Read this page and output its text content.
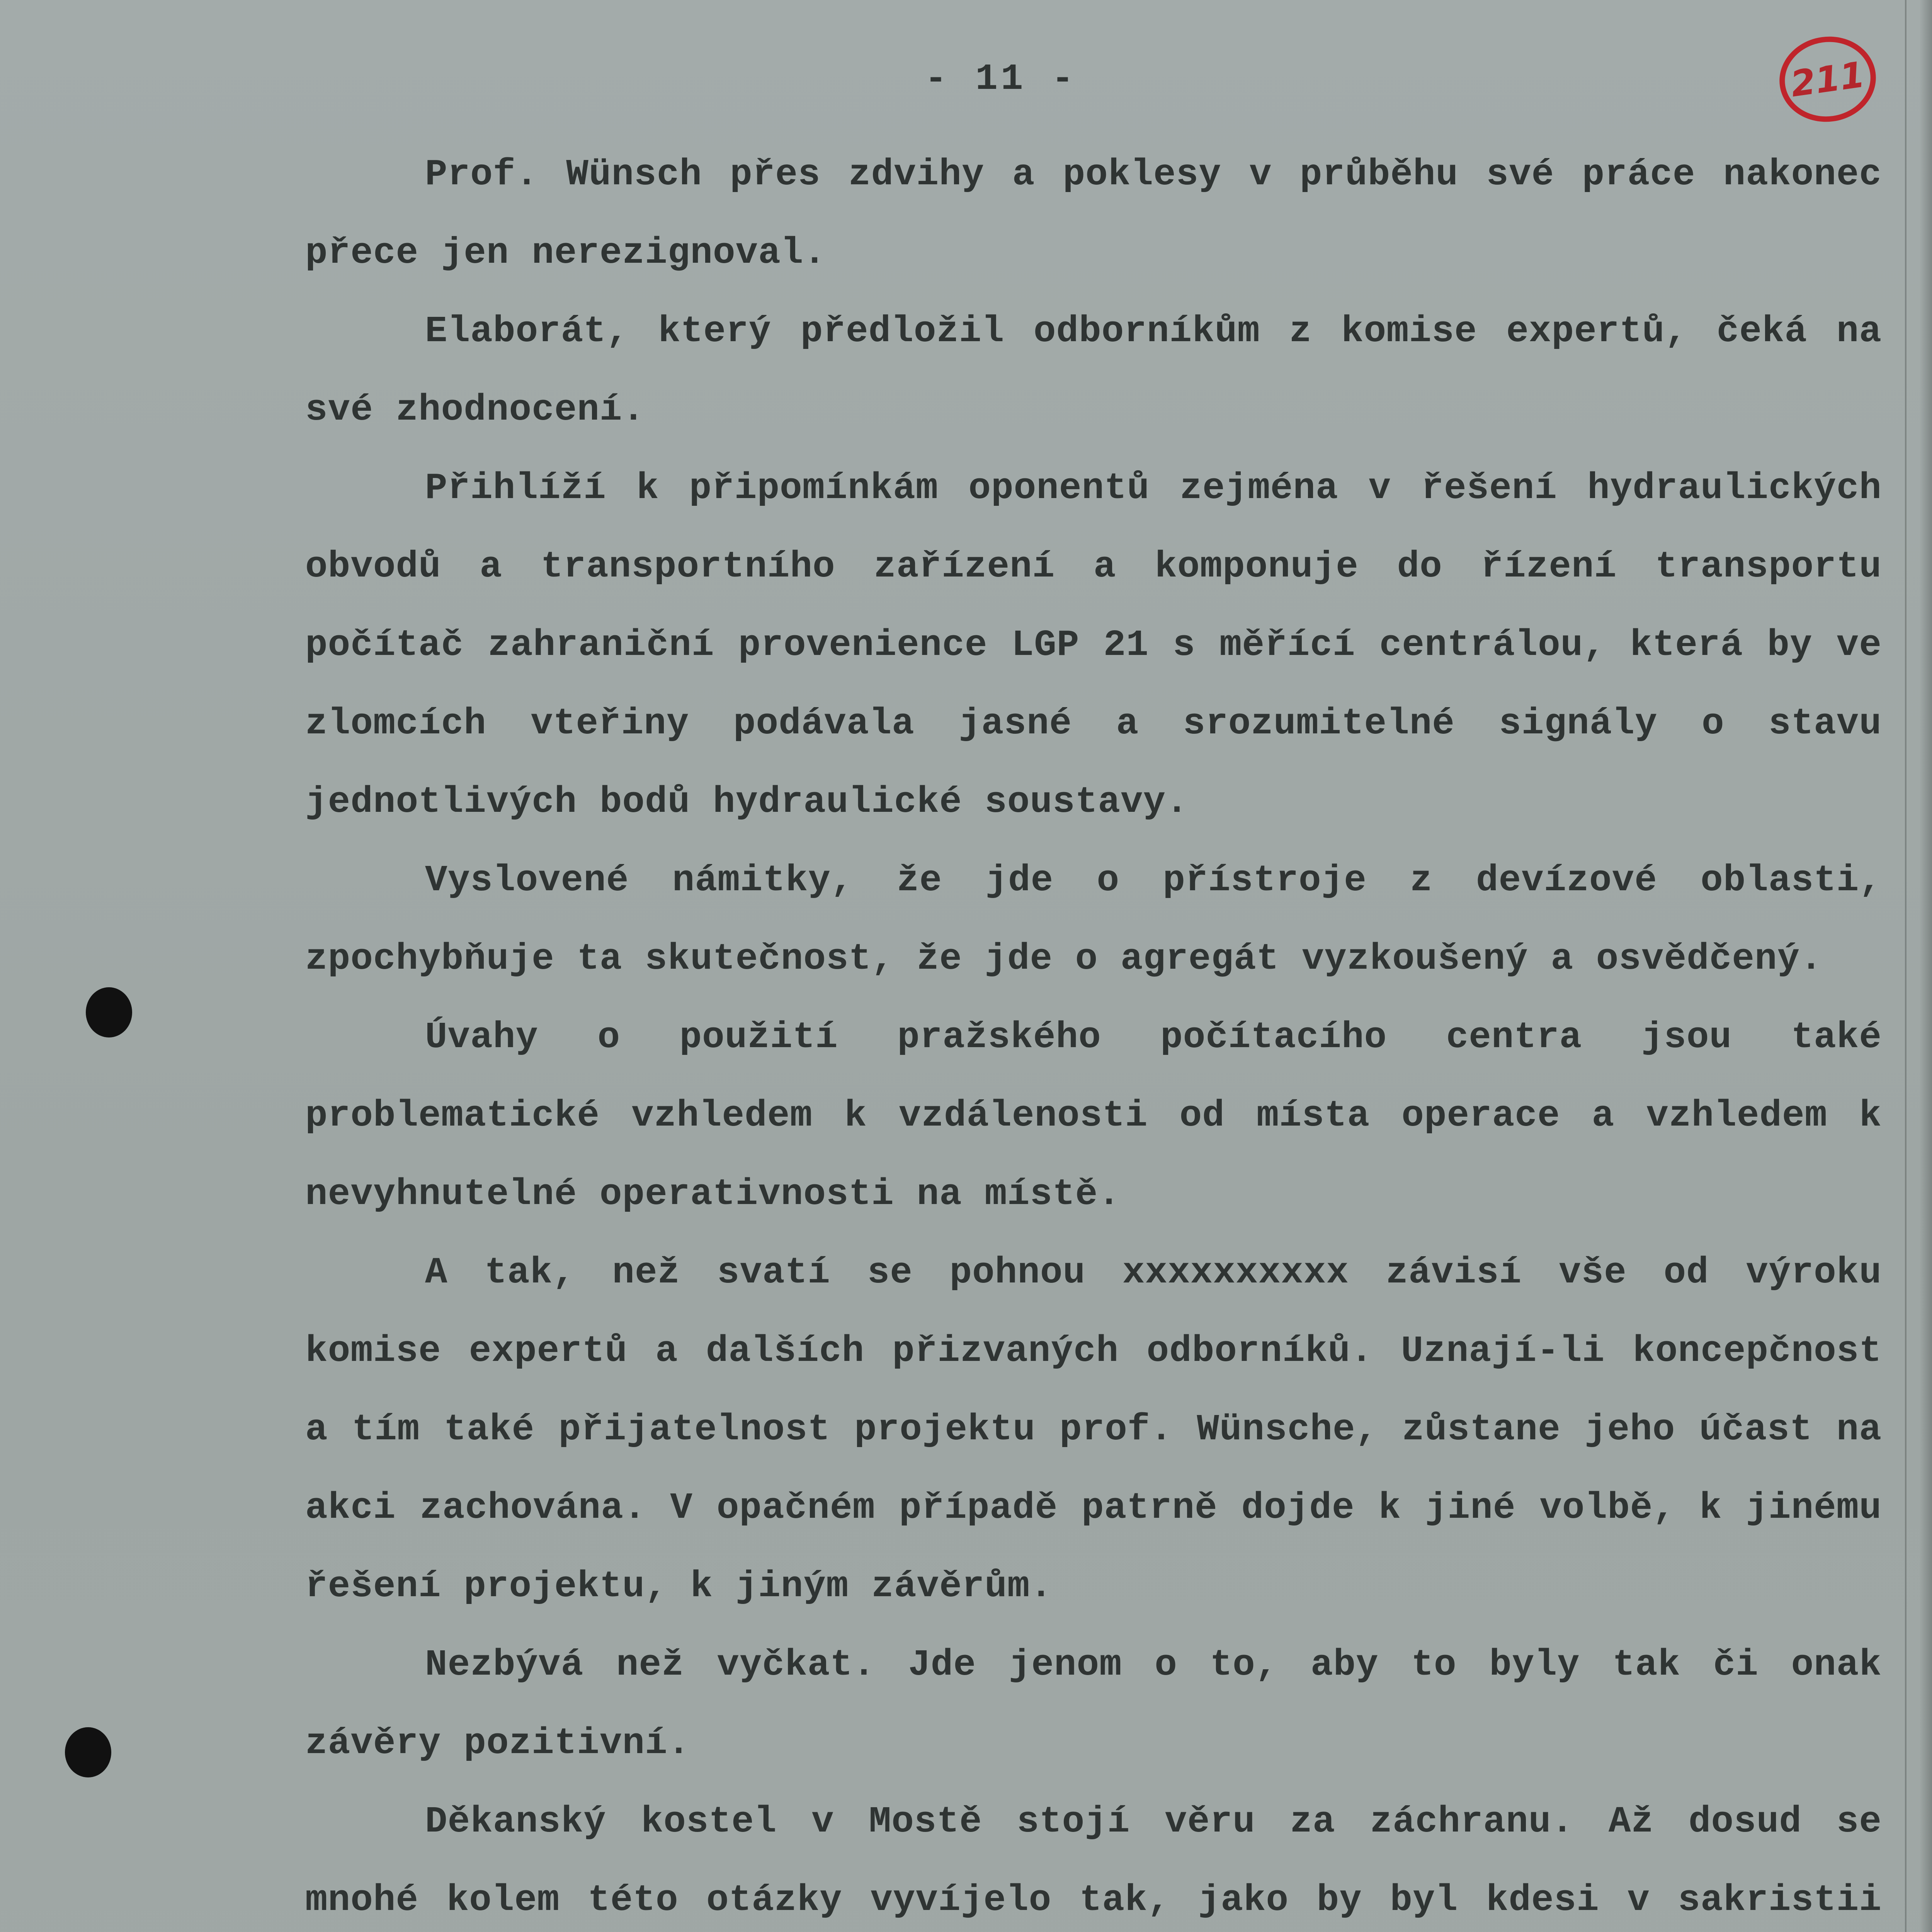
- 11 -	211

Prof. Wünsch přes zdvihy a poklesy v průběhu své práce nakonec přece jen nerezignoval.

Elaborát, který předložil odborníkům z komise expertů, čeká na své zhodnocení.

Přihlíží k připomínkám oponentů zejména v řešení hydraulických obvodů a transportního zařízení a komponuje do řízení transportu počítač zahraniční provenience LGP 21 s měřící centrálou, která by ve zlomcích vteřiny podávala jasné a srozumitelné signály o stavu jednotlivých bodů hydraulické soustavy.

Vyslovené námitky, že jde o přístroje z devízové oblasti, zpochybňuje ta skutečnost, že jde o agregát vyzkoušený a osvědčený.

Úvahy o použití pražského počítacího centra jsou také problematické vzhledem k vzdálenosti od místa operace a vzhledem k nevyhnutelné operativnosti na místě.

A tak, než svatí se pohnou xxxxxxxxxx závisí vše od výroku komise expertů a dalších přizvaných odborníků. Uznají-li koncepčnost a tím také přijatelnost projektu prof. Wünsche, zůstane jeho účast na akci zachována. V opačném případě patrně dojde k jiné volbě, k jinému řešení projektu, k jiným závěrům.

Nezbývá než vyčkat. Jde jenom o to, aby to byly tak či onak závěry pozitivní.

Děkanský kostel v Mostě stojí věru za záchranu. Až dosud se mnohé kolem této otázky vyvíjelo tak, jako by byl kdesi v sakristii
